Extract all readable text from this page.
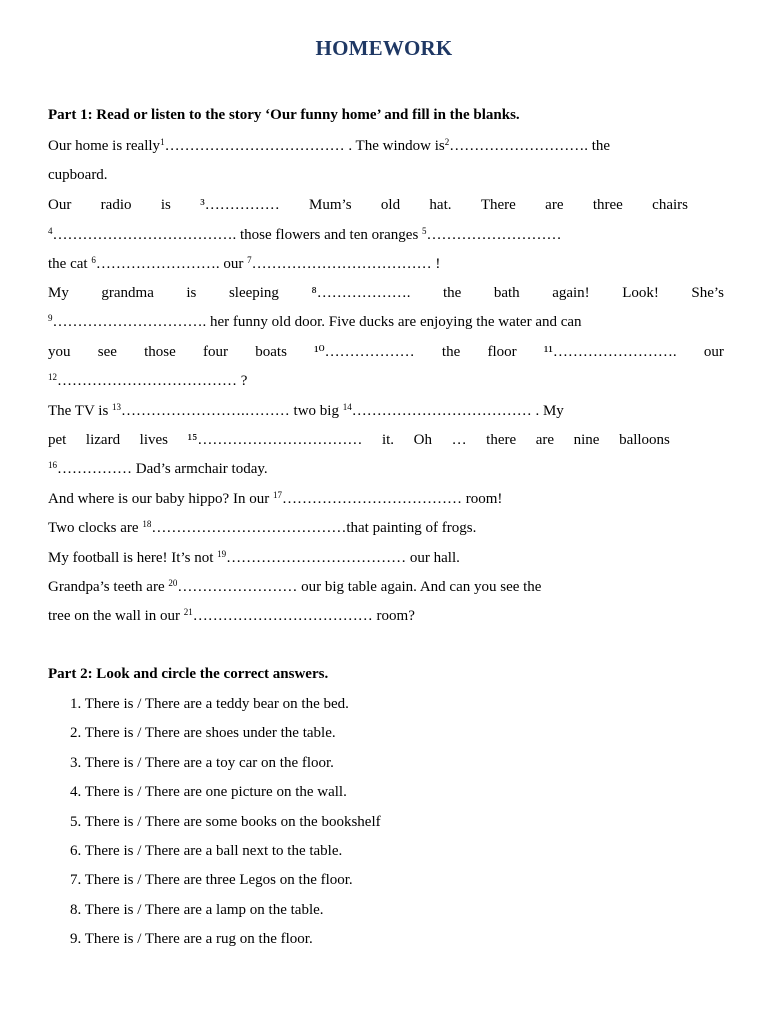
HOMEWORK
Part 1: Read or listen to the story ‘Our funny home’ and fill in the blanks.
Our home is really$^1$……………………………… . The window $is^2\dots\dots\dots\dots\dots\dots\dots\dots\dots$. the
cupboard.
Our radio is ³…………… Mum’s old hat. There are three chairs
$^4$………………………………. those flowers and ten oranges $^5$………………………
the cat $^6$……………………. our $^7$……………………………… !
My grandma is sleeping ⁸………………. the bath again! Look! She’s
$^9$…………………………. her funny old door. Five ducks are enjoying the water and can
you see those four boats ¹⁰……………… the floor ¹¹……………………. our
$^{12}$……………………………… ?
The TV is $^{13}$…………………….……… two big $^{14}$……………………………… . My
pet lizard lives ¹⁵…………………………… it. Oh … there are nine balloons
$^{16}$…………… Dad’s armchair today.
And where is our baby hippo? In our $^{17}$……………………………… room!
Two clocks are $^{18}$…………………………………that painting of frogs.
My football is here! It’s not $^{19}$……………………………… our hall.
Grandpa’s teeth are $^{20}$…………………… our big table again. And can you see the
tree on the wall in our $^{21}$……………………………… room?
Part 2: Look and circle the correct answers.
1. There is / There are a teddy bear on the bed.
2. There is / There are shoes under the table.
3. There is / There are a toy car on the floor.
4. There is / There are one picture on the wall.
5. There is / There are some books on the bookshelf
6. There is / There are a ball next to the table.
7. There is / There are three Legos on the floor.
8. There is / There are a lamp on the table.
9. There is / There are a rug on the floor.
